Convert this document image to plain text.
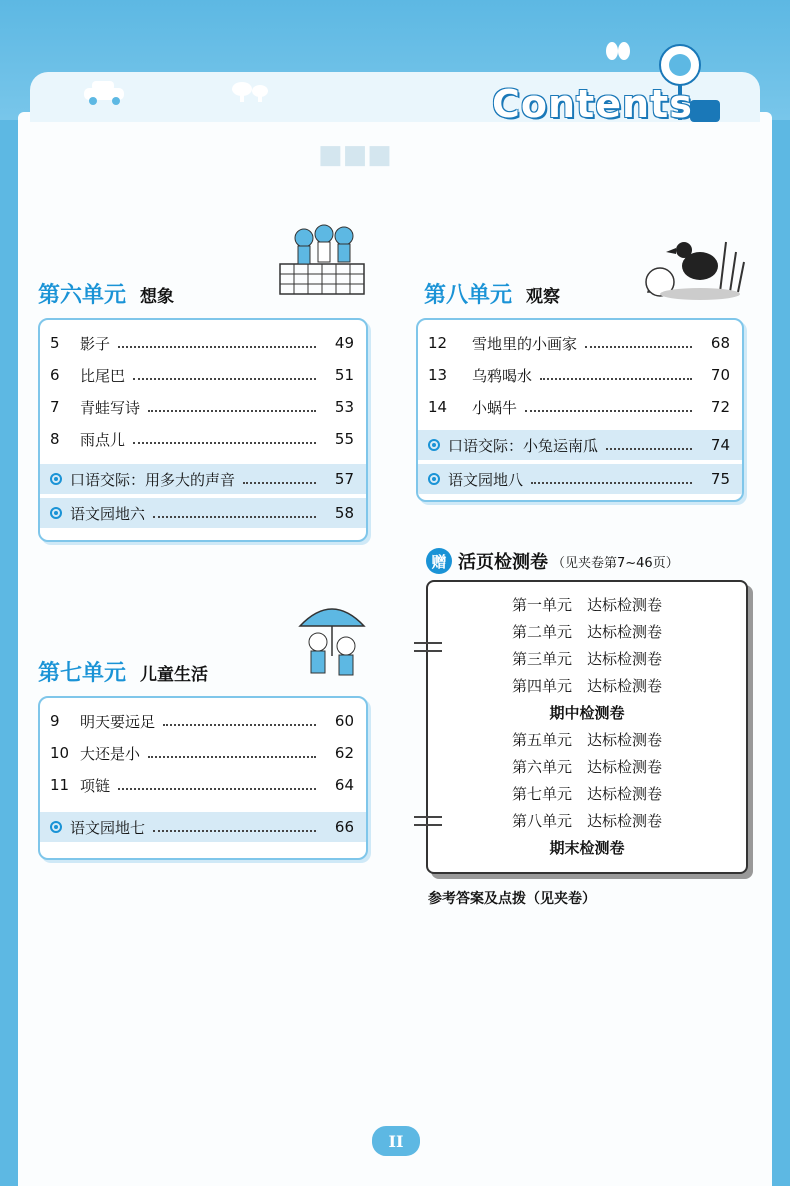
Contents
■■■
第六单元 想象
5	影子	49
6	比尾巴	51
7	青蛙写诗	53
8	雨点儿	55
口语交际：用多大的声音	57
语文园地六	58
第七单元 儿童生活
9	明天要远足	60
10 大还是小	62
11 项链	64
语文园地七	66
第八单元 观察
12	雪地里的小画家	68
13	乌鸦喝水	70
14	小蜗牛	72
口语交际：小兔运南瓜	74
语文园地八	75
赠 活页检测卷 （见夹卷第7~46页）
第一单元　达标检测卷
第二单元　达标检测卷
第三单元　达标检测卷
第四单元　达标检测卷
期中检测卷
第五单元　达标检测卷
第六单元　达标检测卷
第七单元　达标检测卷
第八单元　达标检测卷
期末检测卷
参考答案及点拨（见夹卷）
II
